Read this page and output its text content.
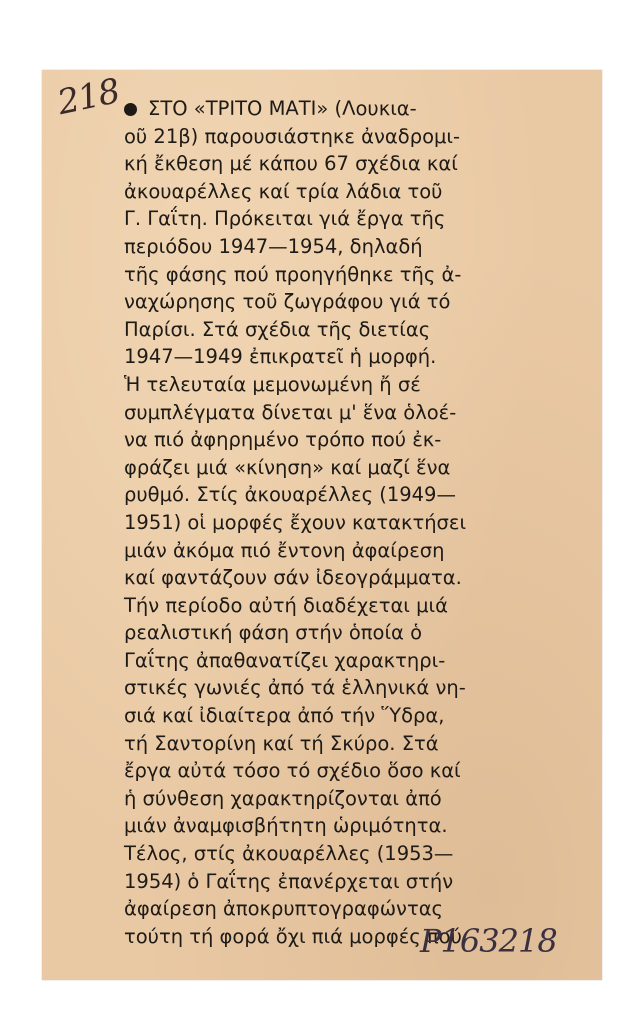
218 ΣΤΟ «ΤΡΙΤΟ ΜΑΤΙ» (Λουκια-
οῦ 21β) παρουσιάστηκε ἀναδρομι-
κή ἔκθεση μέ κάπου 67 σχέδια καί
ἀκουαρέλλες καί τρία λάδια τοῦ
Γ. Γαΐτη. Πρόκειται γιά ἔργα τῆς
περιόδου 1947—1954, δηλαδή
τῆς φάσης πού προηγήθηκε τῆς ἀ-
ναχώρησης τοῦ ζωγράφου γιά τό
Παρίσι. Στά σχέδια τῆς διετίας
1947—1949 ἐπικρατεῖ ἡ μορφή.
Ἡ τελευταία μεμονωμένη ἤ σέ
συμπλέγματα δίνεται μ' ἕνα ὁλοέ-
να πιό ἀφηρημένο τρόπο πού ἐκ-
φράζει μιά «κίνηση» καί μαζί ἕνα
ρυθμό. Στίς ἀκουαρέλλες (1949—
1951) οἱ μορφές ἔχουν κατακτήσει
μιάν ἀκόμα πιό ἔντονη ἀφαίρεση
καί φαντάζουν σάν ἰδεογράμματα.
Τήν περίοδο αὐτή διαδέχεται μιά
ρεαλιστική φάση στήν ὁποία ὁ
Γαΐτης ἀπαθανατίζει χαρακτηρι-
στικές γωνιές ἀπό τά ἑλληνικά νη-
σιά καί ἰδιαίτερα ἀπό τήν Ὕδρα,
τή Σαντορίνη καί τή Σκύρο. Στά
ἔργα αὐτά τόσο τό σχέδιο ὅσο καί
ἡ σύνθεση χαρακτηρίζονται ἀπό
μιάν ἀναμφισβήτητη ὡριμότητα.
Τέλος, στίς ἀκουαρέλλες (1953—
1954) ὁ Γαΐτης ἐπανέρχεται στήν
ἀφαίρεση ἀποκρυπτογραφώντας
τούτη τή φορά ὄχι πιά μορφές πού
Ρ163218
